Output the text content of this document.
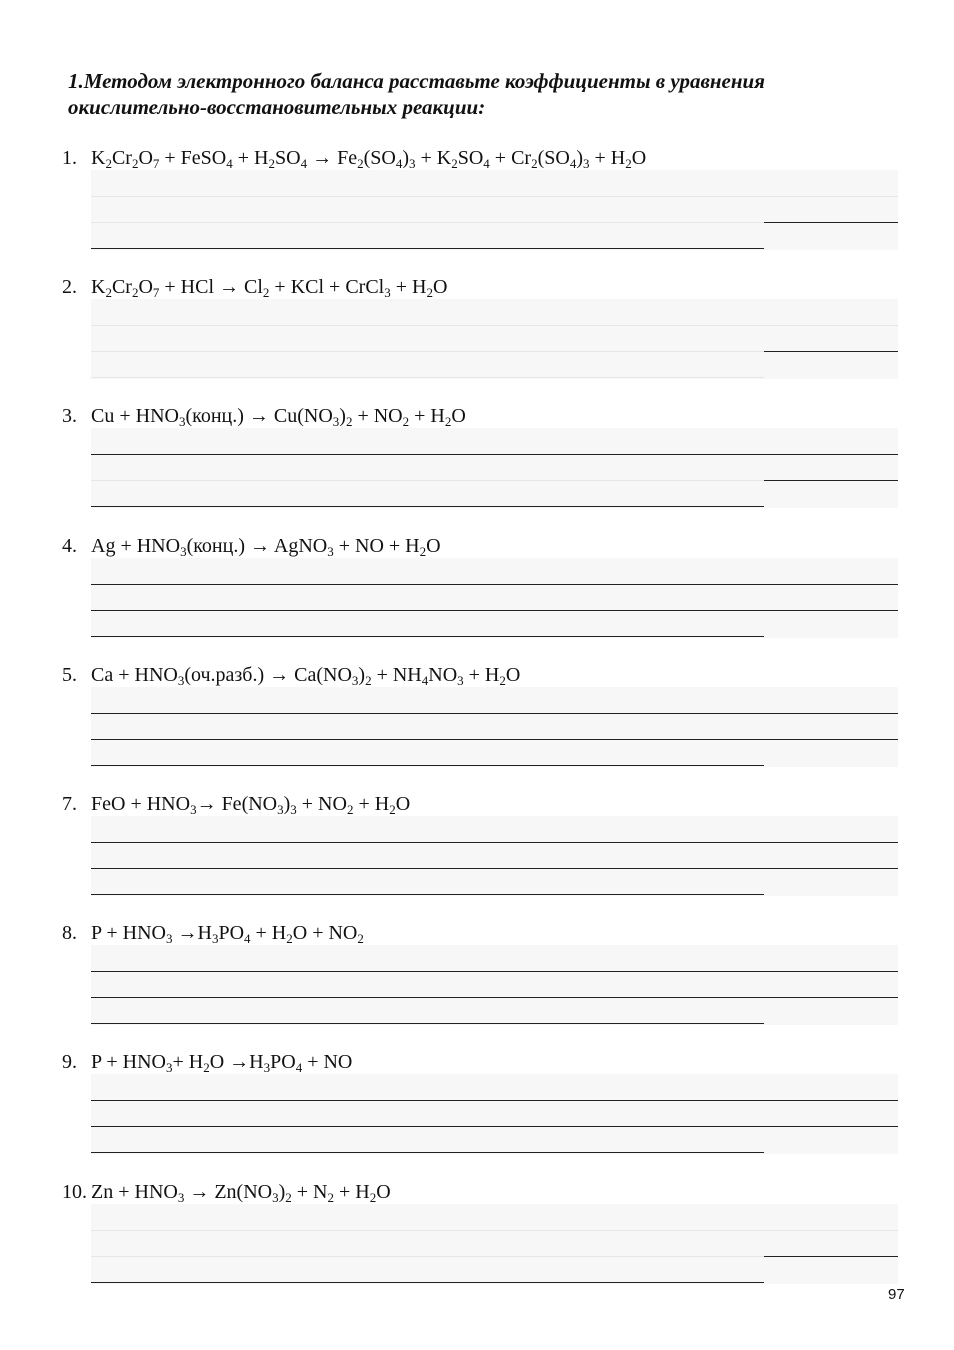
1.Методом электронного баланса расставьте коэффициенты в уравнения
окислительно-восстановительных реакции:
1. $K_2Cr_2O_7$ + FeSO$_4$ + $H_2SO_4 \to Fe_2(SO_4)_3 + K_2SO_4 + Cr_2(SO_4)_3 + H_2O$
2. $K_2Cr_2O_7$ + HCl → $Cl_2$ + KCl + CrCl$_3$ + $H_2O$
3. $Cu + HNO_3(конц.) \to Cu(NO_3)_2 + NO_2 + H_2O$
4. $Ag + HNO_3(конц.)$ → AgNO$_3$ + NO + $H_2O$
5. $Ca + HNO_3(оч.разб.) \to Ca(NO_3)_2 + NH_4NO_3 + H_2O$
7. FeO + $HNO_3\to Fe(NO_3)_3 + NO_2 + H_2O$
8. $P + HNO_3 \to H_3PO_4 + H_2O + NO_2$
9. $P + HNO_3+ H_2O \to H_3PO_4$ + NO
10. $Zn + HNO_3 \to Zn(NO_3)_2 + N_2 + H_2O$
97
